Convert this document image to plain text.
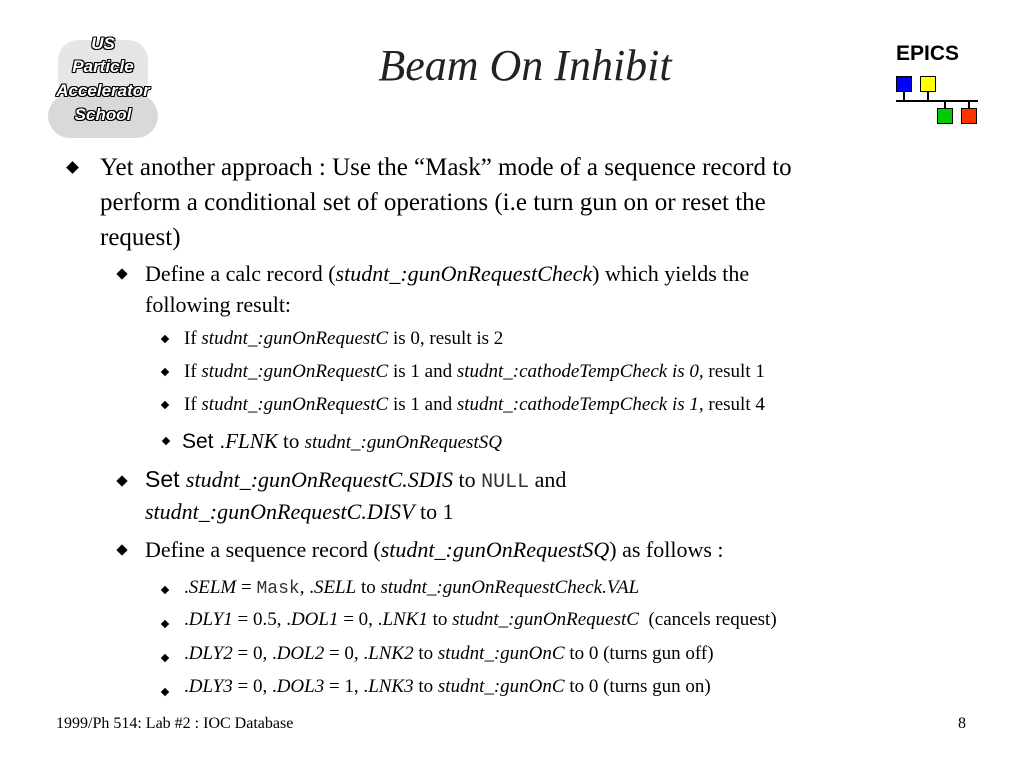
US
Particle
Accelerator
School
Beam On Inhibit	EPICS
Yet another approach : Use the “Mask” mode of a sequence record to
perform a conditional set of operations (i.e turn gun on or reset the
request)
Define a calc record (studnt_:gunOnRequestCheck) which yields the
following result:
If studnt_:gunOnRequestC is 0, result is 2
If studnt_:gunOnRequestC is 1 and studnt_:cathodeTempCheck is 0, result 1
If studnt_:gunOnRequestC is 1 and studnt_:cathodeTempCheck is 1, result 4
Set .FLNK to studnt_:gunOnRequestSQ
Set studnt_:gunOnRequestC.SDIS to NULL and
studnt_:gunOnRequestC.DISV to 1
Define a sequence record (studnt_:gunOnRequestSQ) as follows :
.SELM = Mask, .SELL to studnt_:gunOnRequestCheck.VAL
.DLY1 = 0.5, .DOL1 = 0, .LNK1 to studnt_:gunOnRequestC  (cancels request)
.DLY2 = 0, .DOL2 = 0, .LNK2 to studnt_:gunOnC to 0 (turns gun off)
.DLY3 = 0, .DOL3 = 1, .LNK3 to studnt_:gunOnC to 0 (turns gun on)
1999/Ph 514: Lab #2 : IOC Database	8
